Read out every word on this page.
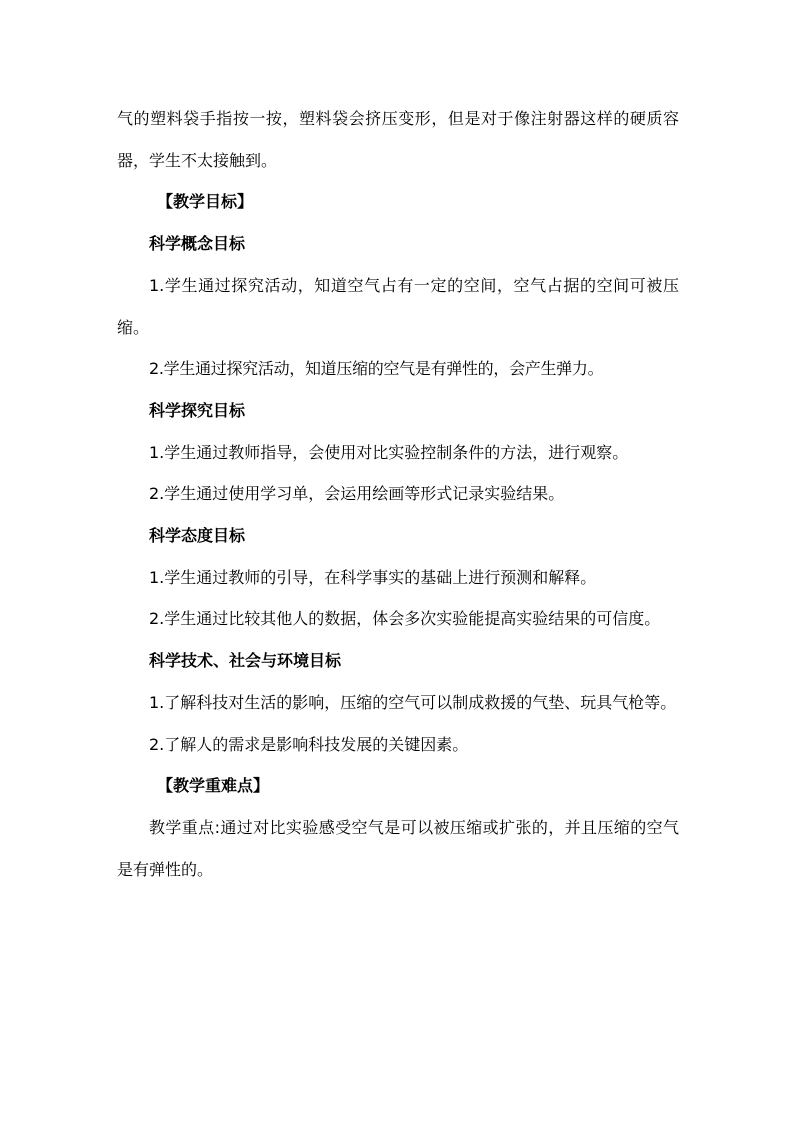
气的塑料袋手指按一按，塑料袋会挤压变形，但是对于像注射器这样的硬质容器，学生不太接触到。

【教学目标】

科学概念目标

1.学生通过探究活动，知道空气占有一定的空间，空气占据的空间可被压缩。

2.学生通过探究活动，知道压缩的空气是有弹性的，会产生弹力。

科学探究目标

1.学生通过教师指导，会使用对比实验控制条件的方法，进行观察。

2.学生通过使用学习单，会运用绘画等形式记录实验结果。

科学态度目标

1.学生通过教师的引导，在科学事实的基础上进行预测和解释。

2.学生通过比较其他人的数据，体会多次实验能提高实验结果的可信度。

科学技术、社会与环境目标

1.了解科技对生活的影响，压缩的空气可以制成救援的气垫、玩具气枪等。

2.了解人的需求是影响科技发展的关键因素。

【教学重难点】

教学重点:通过对比实验感受空气是可以被压缩或扩张的，并且压缩的空气是有弹性的。
